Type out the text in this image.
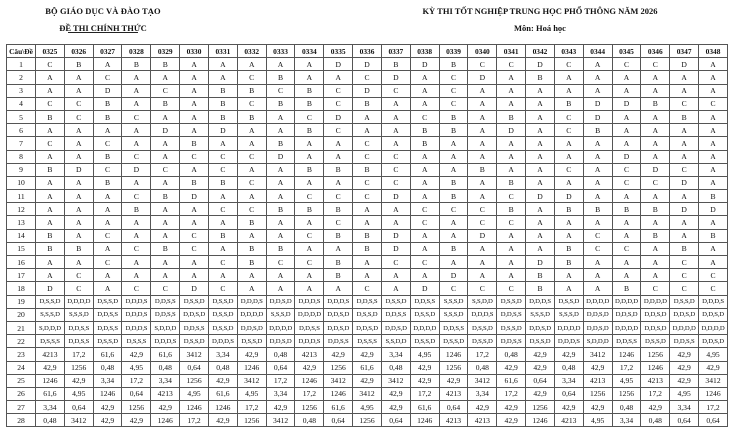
BỘ GIÁO DỤC VÀ ĐÀO TẠO
ĐỀ THI CHÍNH THỨC
KỲ THI TỐT NGHIỆP TRUNG HỌC PHỔ THÔNG NĂM 2026
Môn: Hoá học
Câu\Đề	0325	0326	0327	0328	0329	0330	0331	0332	0333	0334	0335	0336	0337	0338	0339	0340	0341	0342	0343	0344	0345	0346	0347	0348
1	C	B	A	B	B	A	A	A	A	A	D	D	B	D	B	C	C	D	C	A	C	C	D	A
2	A	A	C	A	A	A	A	C	B	A	A	C	D	A	C	D	A	B	A	A	A	A	A	A
3	A	A	D	A	C	A	B	B	C	B	C	D	C	A	C	A	A	A	A	A	A	A	A	A
4	C	C	B	A	B	A	B	C	B	B	C	B	A	A	C	A	A	A	B	D	D	B	C	C
5	B	C	B	C	A	A	B	B	A	C	D	A	A	C	B	A	B	A	C	D	A	A	B	A
6	A	A	A	A	D	A	D	A	A	B	C	A	A	B	B	A	D	A	C	B	A	A	A	A
7	C	A	C	A	A	B	A	A	B	A	A	C	A	B	A	A	A	A	A	A	A	A	A	A
8	A	A	B	C	A	C	C	C	D	A	A	C	C	A	A	A	A	A	A	A	D	A	A	A
9	B	D	C	D	C	A	C	A	A	B	B	B	C	A	A	B	A	A	C	A	C	D	C	A
10	A	A	B	A	A	B	B	C	A	A	A	C	C	A	B	A	B	A	A	A	C	C	D	A
11	A	A	A	C	B	D	A	A	A	C	C	C	D	A	B	A	C	D	D	A	A	A	A	B
12	A	A	A	B	A	A	C	C	B	B	B	A	A	C	C	C	B	A	B	B	B	B	D	D
13	A	A	A	A	A	A	A	B	A	A	C	A	A	C	A	C	C	A	A	A	A	A	A	A
14	B	A	C	A	A	C	B	A	A	C	B	B	D	A	A	D	A	A	A	C	A	B	A	B
15	B	B	A	C	B	C	A	B	B	A	A	B	D	A	B	A	A	A	B	C	C	A	B	A
16	A	A	C	A	A	A	C	B	C	C	B	A	C	C	A	A	A	D	B	A	A	A	C	A
17	A	C	A	A	A	A	A	A	A	A	B	A	A	A	D	A	A	B	A	A	A	A	C	C
18	D	C	A	C	C	D	C	A	A	A	A	C	A	D	C	C	C	B	A	A	B	C	C	C
19	D,S,S,D	D,D,D,D	D,S,S,D	D,D,D,S	D,D,S,S	D,S,S,D	D,S,S,D	D,D,D,S	D,D,S,D	D,D,D,S	D,D,D,S	D,D,S,S	D,S,S,D	D,D,S,S	S,S,S,D	S,S,D,D	D,S,S,D	D,D,D,S	D,S,S,D	D,D,D,D	D,D,D,D	D,D,D,D	D,S,S,D	D,D,D,S
20	S,S,S,D	S,S,S,D	D,D,S,S	D,D,D,S	D,D,S,S	D,D,S,D	D,S,S,D	D,D,D,D	S,S,S,D	D,D,D,D	D,D,S,D	D,S,S,D	D,D,S,S	D,S,S,D	S,S,S,D	D,D,D,S	D,D,S,S	S,S,S,D	S,S,S,D	D,D,S,D	D,D,S,D	D,D,S,D	D,D,S,D	D,D,S,D
21	S,D,D,D	D,D,S,S	D,D,S,S	D,D,D,S	S,D,D,D	D,D,S,S	D,S,S,D	D,D,S,D	D,D,D,D	D,D,S,S	D,D,S,D	D,D,S,D	D,D,S,D	D,D,D,D	D,D,S,S	D,S,S,D	D,S,S,D	D,D,S,D	D,D,D,D	D,D,S,D	D,D,D,D	D,D,S,D	D,D,D,D	D,D,D,D
22	D,S,S,S	D,D,S,S	D,S,S,D	D,S,S,S	D,D,D,S	D,S,S,D	D,D,D,S	D,S,S,D	D,D,S,D	D,D,D,S	D,D,S,S	D,S,S,S	S,S,D,D	D,S,S,D	D,S,S,D	D,S,S,D	D,D,S,S	D,S,S,D	D,D,D,S	S,D,D,D	D,D,S,S	D,S,S,D	D,D,S,S	D,D,S,D
23	4213	17,2	61,6	42,9	61,6	3412	3,34	42,9	0,48	4213	42,9	42,9	3,34	4,95	1246	17,2	0,48	42,9	42,9	3412	1246	1256	42,9	4,95
24	42,9	1256	0,48	4,95	0,48	0,64	0,48	1246	0,64	42,9	1256	61,6	0,48	42,9	1256	0,48	42,9	42,9	0,48	42,9	17,2	1246	42,9	42,9
25	1246	42,9	3,34	17,2	3,34	1256	42,9	3412	17,2	1246	3412	42,9	3412	42,9	42,9	3412	61,6	0,64	3,34	4213	4,95	4213	42,9	3412
26	61,6	4,95	1246	0,64	4213	4,95	61,6	4,95	3,34	17,2	1246	3412	42,9	17,2	4213	3,34	17,2	42,9	0,64	1256	1256	17,2	4,95	1246
27	3,34	0,64	42,9	1256	42,9	1246	1246	17,2	42,9	1256	61,6	4,95	42,9	61,6	0,64	42,9	42,9	1256	42,9	42,9	0,48	42,9	3,34	17,2
28	0,48	3412	42,9	42,9	1246	17,2	42,9	1256	3412	0,48	0,64	1256	0,64	1246	4213	4213	42,9	1246	4213	4,95	3,34	0,48	0,64	0,64
